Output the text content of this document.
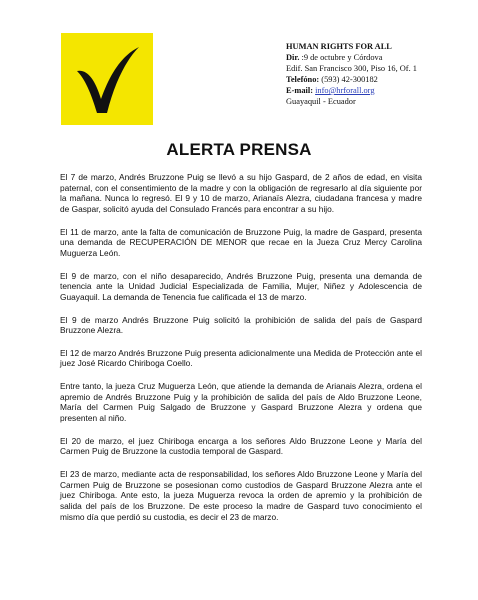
HUMAN RIGHTS FOR ALL
Dir. :9 de octubre y Córdova
Edif. San Francisco 300, Piso 16, Of. 1
Telefóno: (593) 42-300182
E-mail: info@hrforall.org
Guayaquil - Ecuador
ALERTA PRENSA

El 7 de marzo, Andrés Bruzzone Puig se llevó a su hijo Gaspard, de 2 años de edad, en visita paternal, con el consentimiento de la madre y con la obligación de regresarlo al día siguiente por la mañana. Nunca lo regresó. El 9 y 10 de marzo, Arianaïs Alezra, ciudadana francesa y madre de Gaspar, solicitó ayuda del Consulado Francés para encontrar a su hijo.

El 11 de marzo, ante la falta de comunicación de Bruzzone Puig, la madre de Gaspard, presenta una demanda de RECUPERACIÓN DE MENOR que recae en la Jueza Cruz Mercy Carolina Muguerza León.

El 9 de marzo, con el niño desaparecido, Andrés Bruzzone Puig, presenta una demanda de tenencia ante la Unidad Judicial Especializada de Familia, Mujer, Niñez y Adolescencia de Guayaquil. La demanda de Tenencia fue calificada el 13 de marzo.

El 9 de marzo Andrés Bruzzone Puig solicitó la prohibición de salida del país de Gaspard Bruzzone Alezra.

El 12 de marzo Andrés Bruzzone Puig presenta adicionalmente una Medida de Protección ante el juez José Ricardo Chiriboga Coello.

Entre tanto, la jueza Cruz Muguerza León, que atiende la demanda de Arianais Alezra, ordena el apremio de Andrés Bruzzone Puig y la prohibición de salida del país de Aldo Bruzzone Leone, María del Carmen Puig Salgado de Bruzzone y Gaspard Bruzzone Alezra y ordena que presenten al niño.

El 20 de marzo, el juez Chiriboga encarga a los señores Aldo Bruzzone Leone y María del Carmen Puig de Bruzzone la custodia temporal de Gaspard.

El 23 de marzo, mediante acta de responsabilidad, los señores Aldo Bruzzone Leone y María del Carmen Puig de Bruzzone se posesionan como custodios de Gaspard Bruzzone Alezra ante el juez Chiriboga. Ante esto, la jueza Muguerza revoca la orden de apremio y la prohibición de salida del país de los Bruzzone. De este proceso la madre de Gaspard tuvo conocimiento el mismo día que perdió su custodia, es decir el 23 de marzo.
